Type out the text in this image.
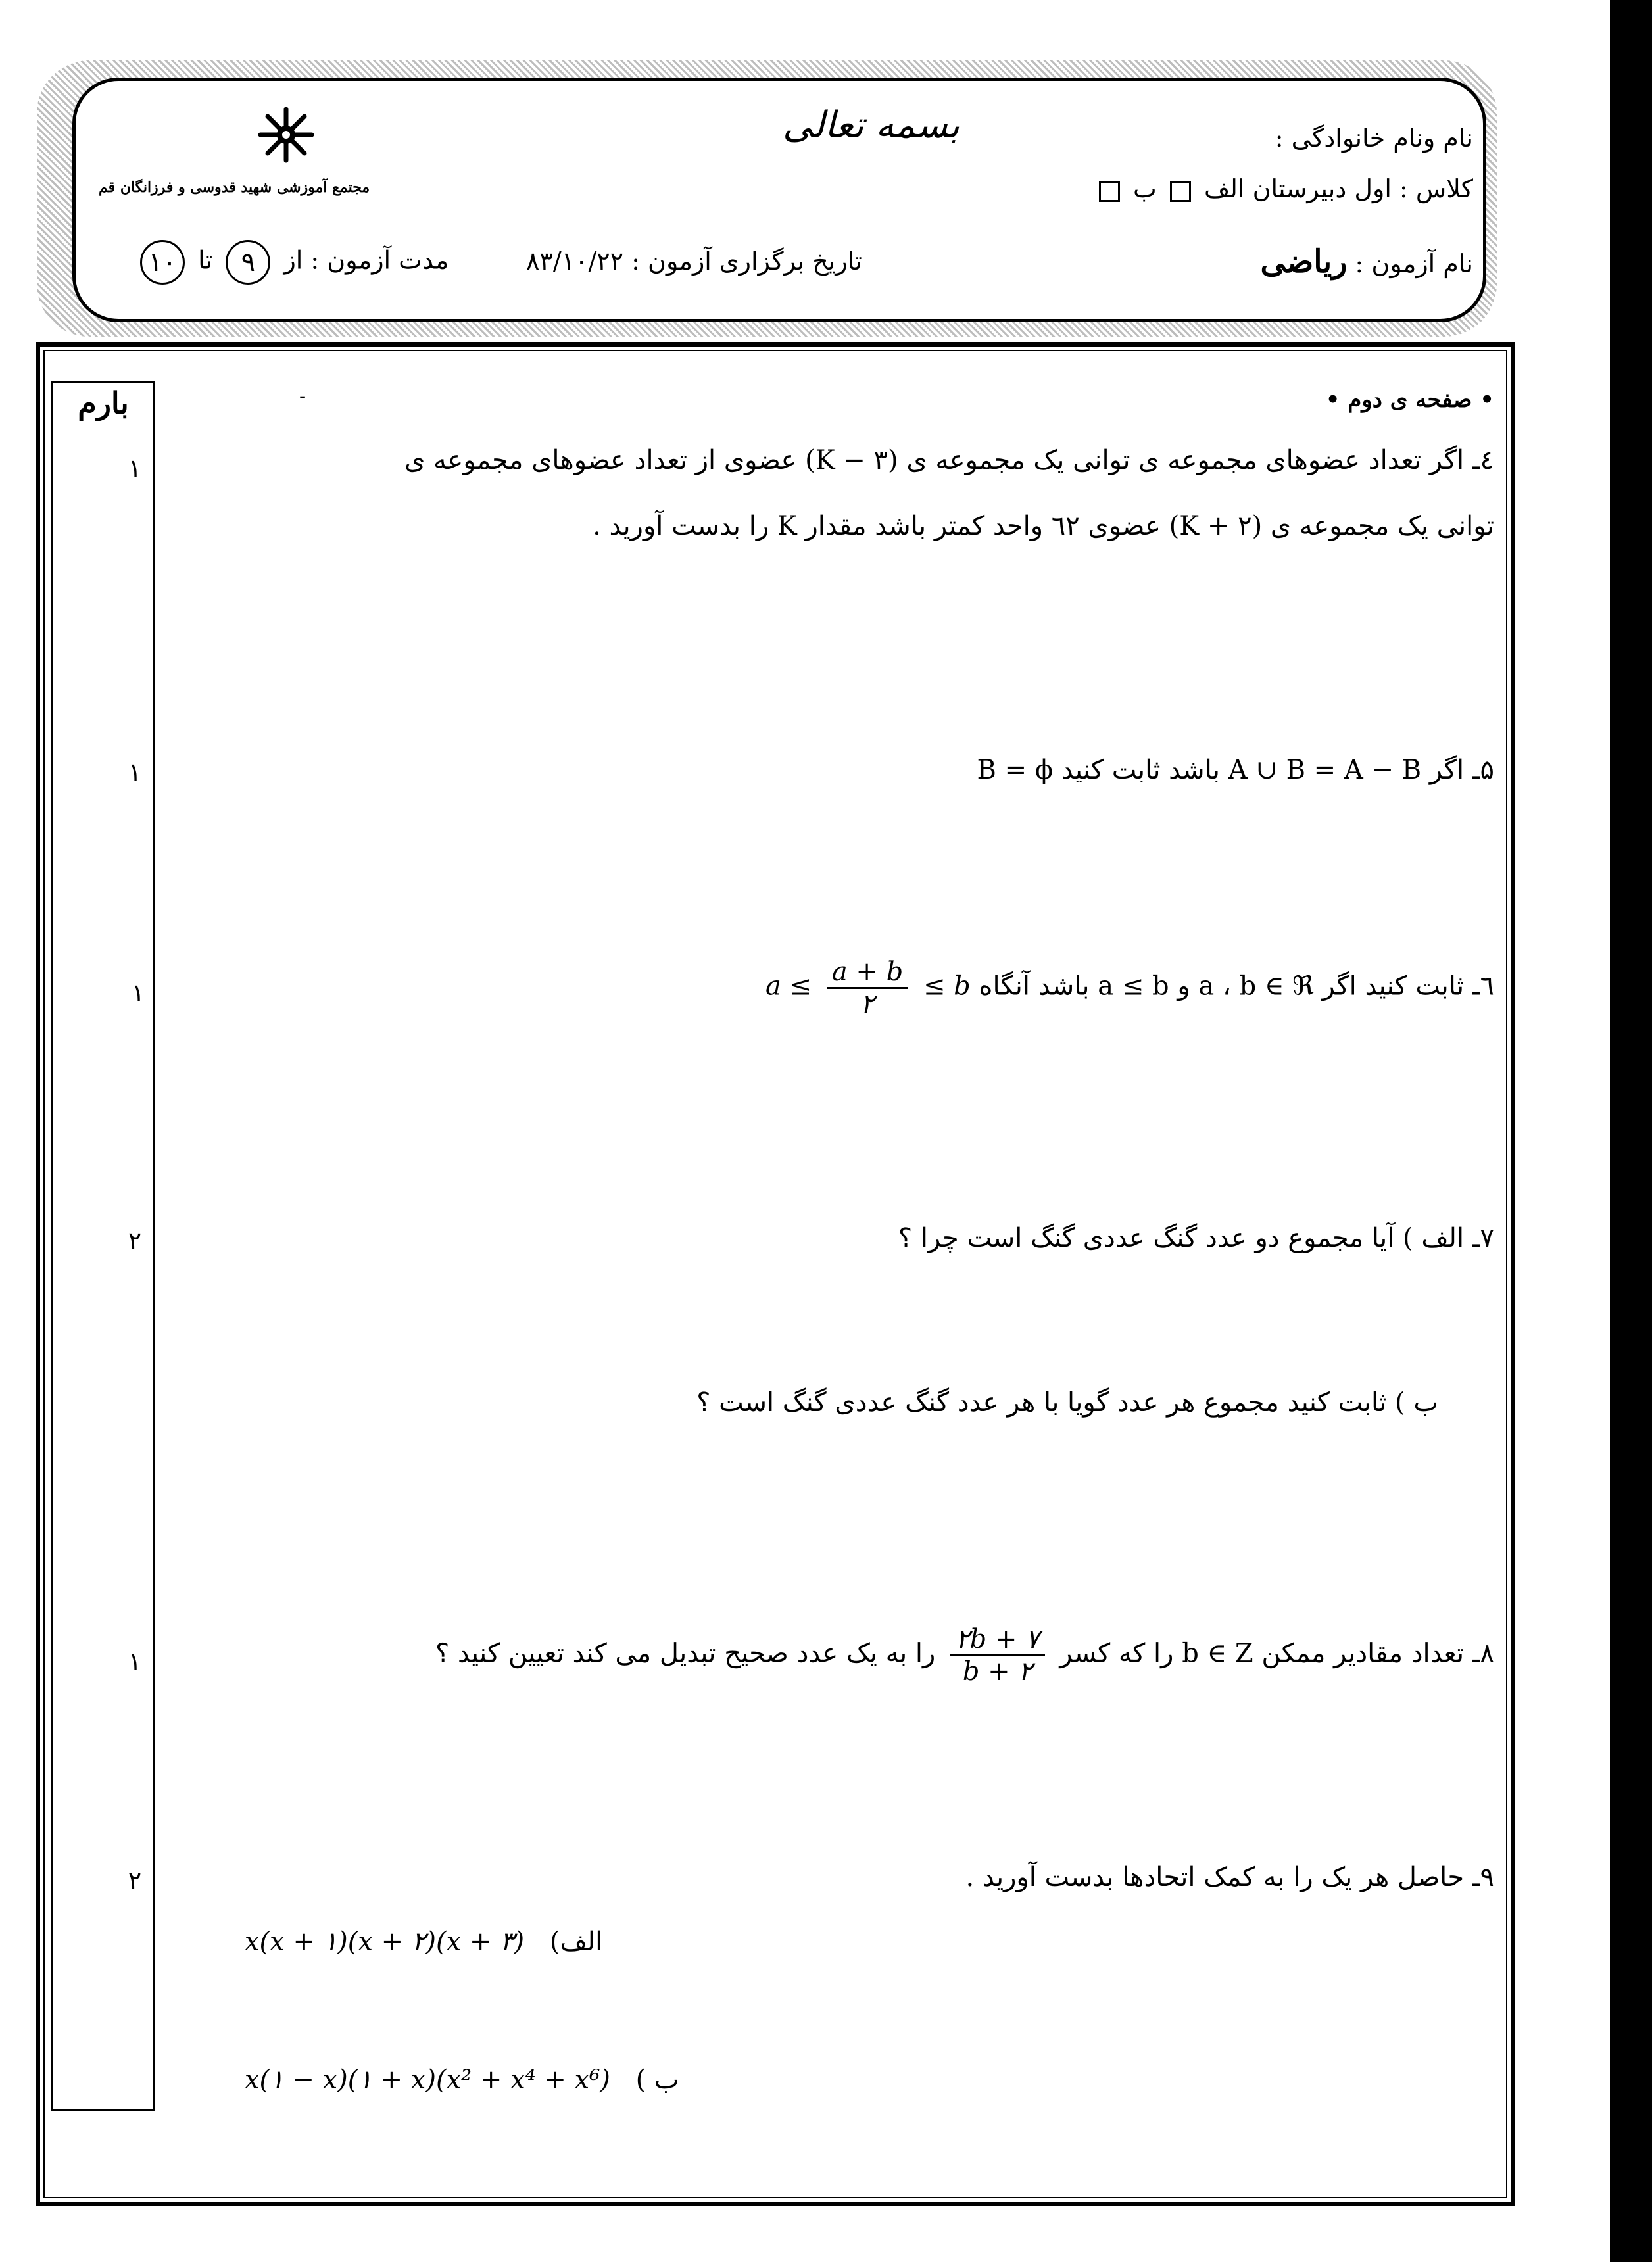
بسمه تعالی
مجتمع آموزشی شهید قدوسی و فرزانگان قم
نام ونام خانوادگی :
کلاس : اول دبیرستان الف  ب
نام آزمون : ریاضی
تاریخ برگزاری آزمون : ۸۳/۱۰/۲۲
مدت آزمون : از ۹ تا ۱۰
بارم	• صفحه ی دوم •
-
۱	٤ـ اگر تعداد عضوهای مجموعه ی توانی یک مجموعه ی (K − ۳) عضوی از تعداد عضوهای مجموعه ی
توانی یک مجموعه ی (K + ۲) عضوی ٦۲ واحد کمتر باشد مقدار K را بدست آورید .
۱	۵ـ اگر A ∪ B = A − B باشد ثابت کنید B = ϕ
۱	٦ـ ثابت کنید اگر a ، b ∈ ℜ و a ≤ b باشد آنگاه $a \le \frac{a + b}{۲} \le b$
۲	۷ـ الف ) آیا مجموع دو عدد گنگ عددی گنگ است چرا ؟
ب ) ثابت کنید مجموع هر عدد گویا با هر عدد گنگ عددی گنگ است ؟
۱	۸ـ تعداد مقادیر ممکن b ∈ Z را که کسر
$\frac{۲b + ۷}{b + ۲}$
را به یک عدد صحیح تبدیل می کند تعیین کنید ؟
۲	۹ـ حاصل هر یک را به کمک اتحادها بدست آورید .
الف) x(x + ۱)(x + ۲)(x + ۳)
ب ) x(۱ − x)(۱ + x)(x² + x⁴ + x⁶)
